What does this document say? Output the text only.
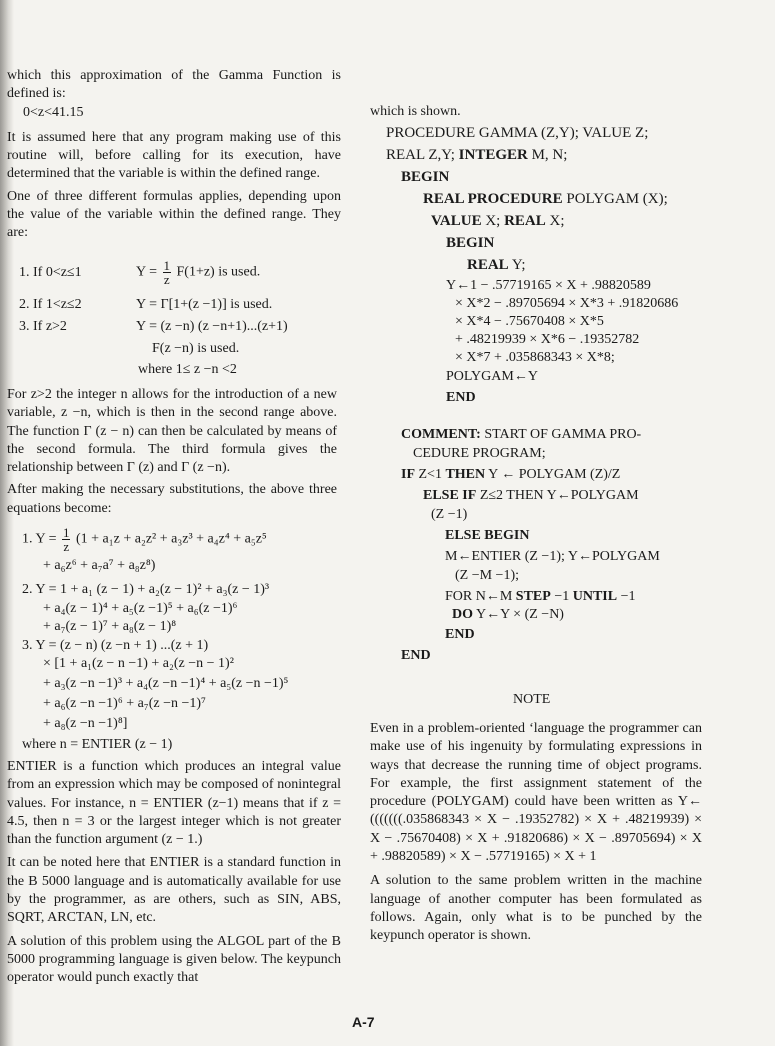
which this approximation of the Gamma Function is defined is:

0<z<41.15

It is assumed here that any program making use of this routine will, before calling for its execution, have determined that the variable is within the defined range.

One of three different formulas applies, depending upon the value of the variable within the defined range. They are:

1. If 0<z≤1	$Y = \frac{1}{z} F(1+z)$ is used.
2. If 1<z≤2	Y = Γ[1+(z −1)] is used.
3. If z>2	Y = (z −n) (z −n+1)...(z+1)
F(z −n) is used.
where 1≤ z −n <2

For z>2 the integer n allows for the introduction of a new variable, z −n, which is then in the second range above. The function Γ (z − n) can then be calculated by means of the second formula. The third formula gives the relationship between Γ (z) and Γ (z −n).

After making the necessary substitutions, the above three equations become:

1. $Y = \frac{1}{z} (1 + a_1z + a_2z^2 + a_3z^3 + a_4z^4 + a_5z^5$
+ a₆z⁶ + a₇a⁷ + a₈z⁸)
2. Y = 1 + a₁ (z − 1) + a₂(z − 1)² + a₃(z − 1)³
+ a₄(z − 1)⁴ + a₅(z −1)⁵ + a₆(z −1)⁶
+ a₇(z − 1)⁷ + a₈(z − 1)⁸
3. Y = (z − n) (z −n + 1) ...(z + 1)
× [1 + a₁(z − n −1) + a₂(z −n − 1)²
+ a₃(z −n −1)³ + a₄(z −n −1)⁴ + a₅(z −n −1)⁵
+ a₆(z −n −1)⁶ + a₇(z −n −1)⁷
+ a₈(z −n −1)⁸]
where n = ENTIER (z − 1)

ENTIER is a function which produces an integral value from an expression which may be composed of nonintegral values. For instance, n = ENTIER (z−1) means that if z = 4.5, then n = 3 or the largest integer which is not greater than the function argument (z − 1.)

It can be noted here that ENTIER is a standard function in the B 5000 language and is automatically available for use by the programmer, as are others, such as SIN, ABS, SQRT, ARCTAN, LN, etc.

A solution of this problem using the ALGOL part of the B 5000 programming language is given below. The keypunch operator would punch exactly that

which is shown.
PROCEDURE GAMMA (Z,Y); VALUE Z;
REAL Z,Y; INTEGER M, N;
BEGIN
REAL PROCEDURE POLYGAM (X);
VALUE X; REAL X;
BEGIN
REAL Y;
Y←1 − .57719165 × X + .98820589
× X*2 − .89705694 × X*3 + .91820686
× X*4 − .75670408 × X*5
+ .48219939 × X*6 − .19352782
× X*7 + .035868343 × X*8;
POLYGAM←Y
END
COMMENT: START OF GAMMA PRO-
CEDURE PROGRAM;
IF Z<1 THEN Y ← POLYGAM (Z)/Z
ELSE IF Z≤2 THEN Y←POLYGAM
(Z −1)
ELSE BEGIN
M←ENTIER (Z −1); Y←POLYGAM
(Z −M −1);
FOR N←M STEP −1 UNTIL −1
DO Y←Y × (Z −N)
END
END
NOTE

Even in a problem-oriented ‘language the programmer can make use of his ingenuity by formulating expressions in ways that decrease the running time of object programs. For example, the first assignment statement of the procedure (POLYGAM) could have been written as Y← (((((((.035868343 × X − .19352782) × X + .48219939) × X − .75670408) × X + .91820686) × X − .89705694) × X + .98820589) × X − .57719165) × X + 1

A solution to the same problem written in the machine language of another computer has been formulated as follows. Again, only what is to be punched by the keypunch operator is shown.

A-7
